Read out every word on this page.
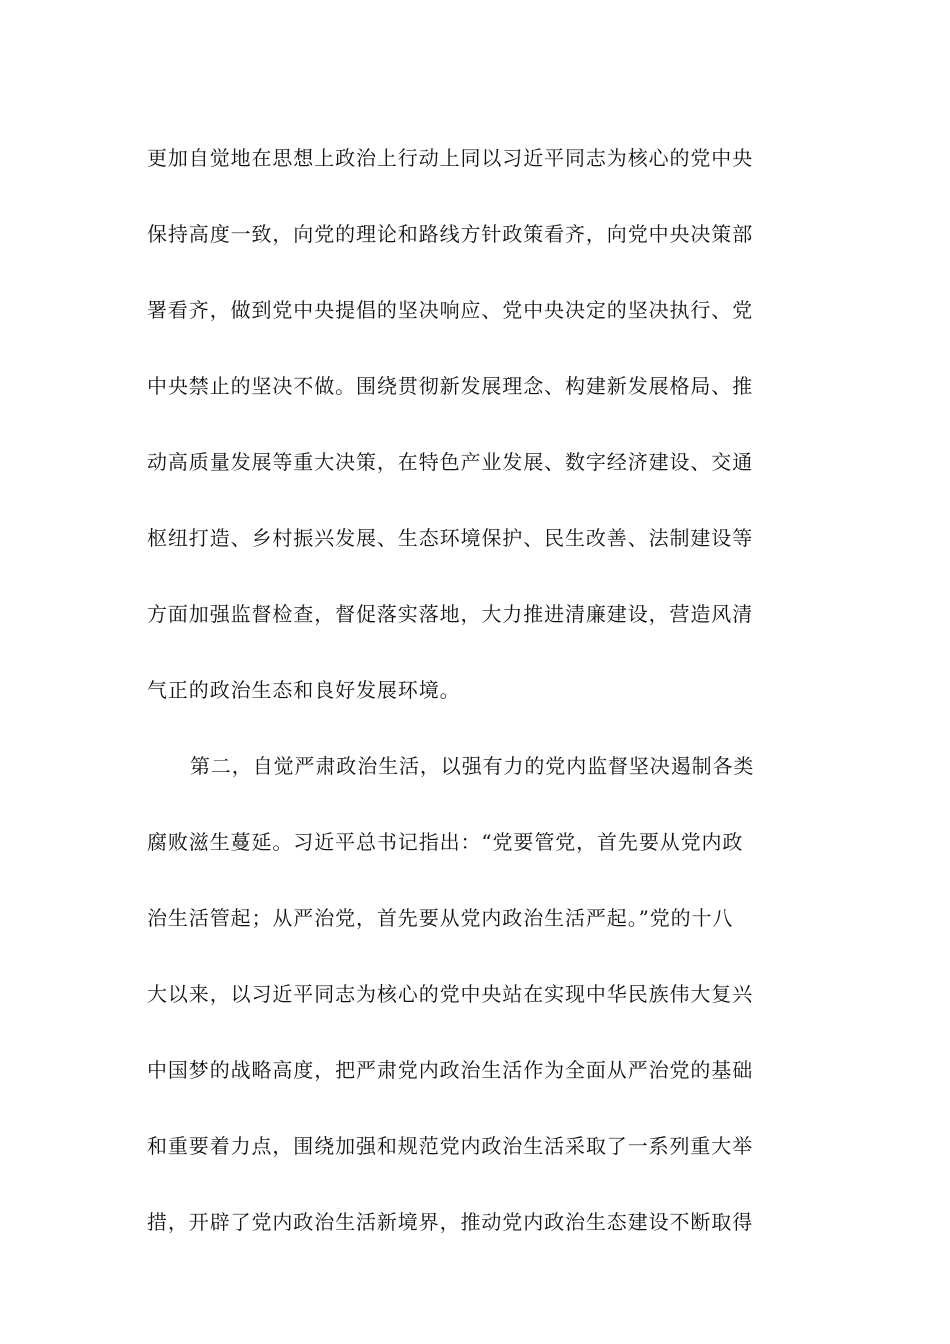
更加自觉地在思想上政治上行动上同以习近平同志为核心的党中央
保持高度一致，向党的理论和路线方针政策看齐，向党中央决策部
署看齐，做到党中央提倡的坚决响应、党中央决定的坚决执行、党
中央禁止的坚决不做。围绕贯彻新发展理念、构建新发展格局、推
动高质量发展等重大决策，在特色产业发展、数字经济建设、交通
枢纽打造、乡村振兴发展、生态环境保护、民生改善、法制建设等
方面加强监督检查，督促落实落地，大力推进清廉建设，营造风清
气正的政治生态和良好发展环境。
第二，自觉严肃政治生活，以强有力的党内监督坚决遏制各类
腐败滋生蔓延。习近平总书记指出：“党要管党，首先要从党内政
治生活管起；从严治党，首先要从党内政治生活严起。”党的十八
大以来，以习近平同志为核心的党中央站在实现中华民族伟大复兴
中国梦的战略高度，把严肃党内政治生活作为全面从严治党的基础
和重要着力点，围绕加强和规范党内政治生活采取了一系列重大举
措，开辟了党内政治生活新境界，推动党内政治生态建设不断取得
